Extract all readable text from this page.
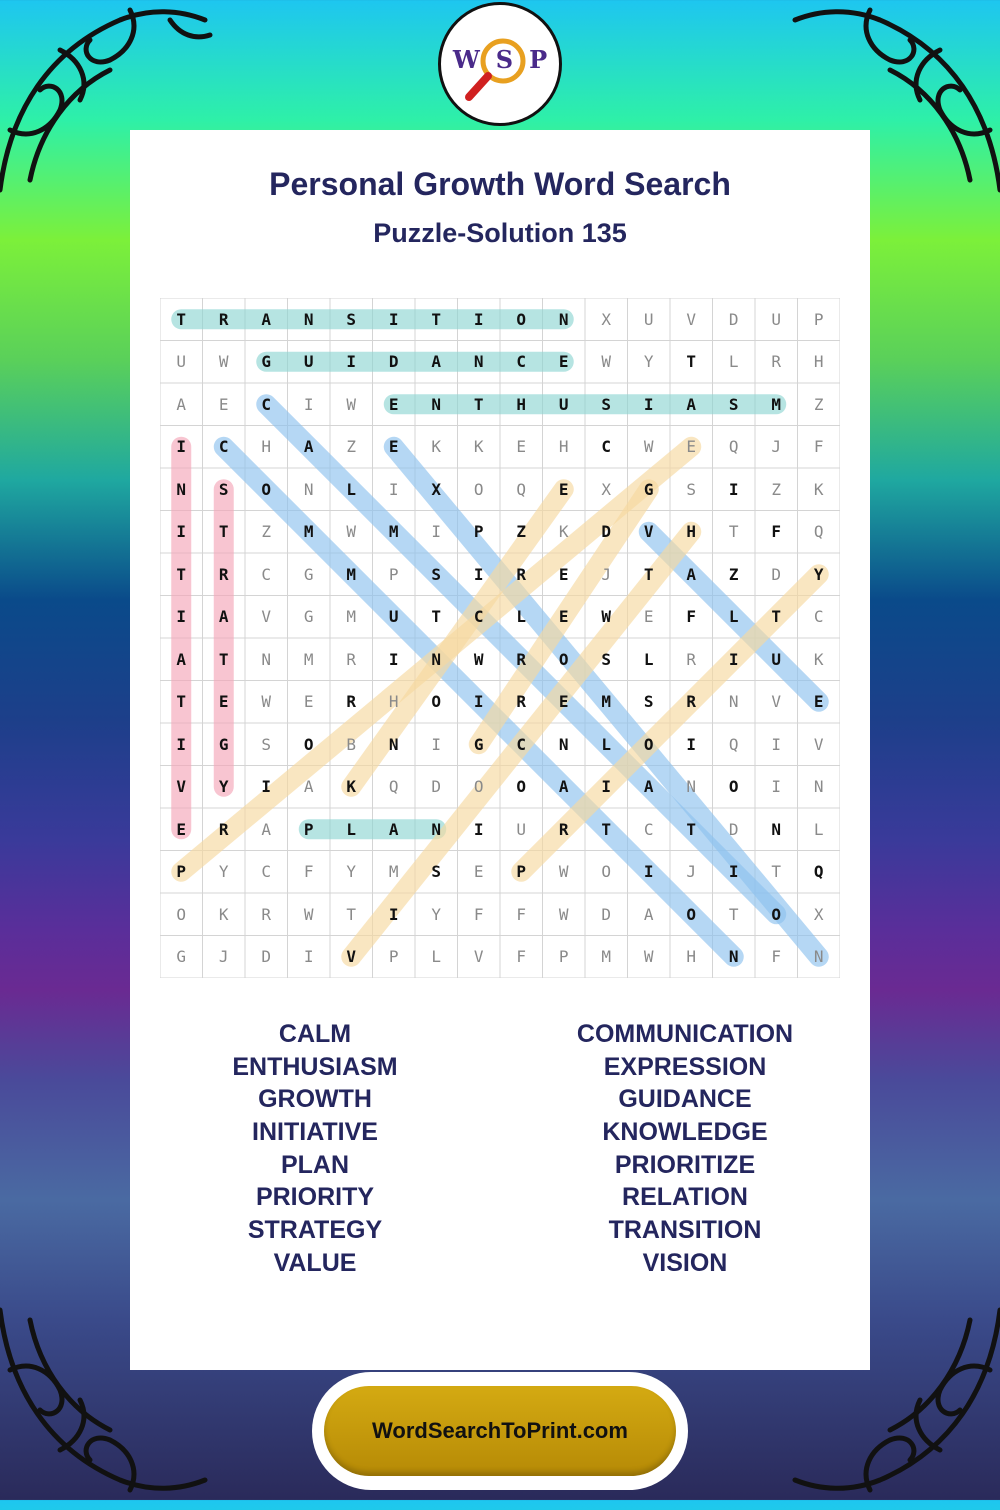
W S P
Personal Growth Word Search
Puzzle-Solution 135
T	R	A	N	S	I	T	I	O	N	X	U	V	D	U	P
U	W	G	U	I	D	A	N	C	E	W	Y	T	L	R	H
A	E	C	I	W	E	N	T	H	U	S	I	A	S	M	Z
I	C	H	A	Z	E	K	K	E	H	C	W	E	Q	J	F
N	S	O	N	L	I	X	O	Q	E	X	G	S	I	Z	K
I	T	Z	M	W	M	I	P	Z	K	D	V	H	T	F	Q
T	R	C	G	M	P	S	I	R	E	J	T	A	Z	D	Y
I	A	V	G	M	U	T	C	L	E	W	E	F	L	T	C
A	T	N	M	R	I	N	W	R	O	S	L	R	I	U	K
T	E	W	E	R	H	O	I	R	E	M	S	R	N	V	E
I	G	S	O	B	N	I	G	C	N	L	O	I	Q	I	V
V	Y	I	A	K	Q	D	O	O	A	I	A	N	O	I	N
E	R	A	P	L	A	N	I	U	R	T	C	T	D	N	L
P	Y	C	F	Y	M	S	E	P	W	O	I	J	I	T	Q
O	K	R	W	T	I	Y	F	F	W	D	A	O	T	O	X
G	J	D	I	V	P	L	V	F	P	M	W	H	N	F	N
CALM
ENTHUSIASM
GROWTH
INITIATIVE
PLAN
PRIORITY
STRATEGY
VALUE
COMMUNICATION
EXPRESSION
GUIDANCE
KNOWLEDGE
PRIORITIZE
RELATION
TRANSITION
VISION
WordSearchToPrint.com
